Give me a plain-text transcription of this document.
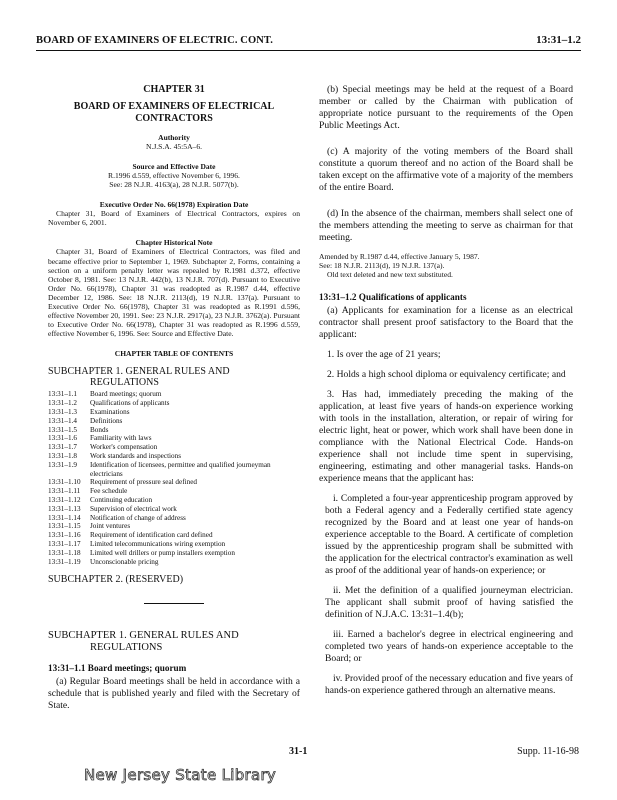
BOARD OF EXAMINERS OF ELECTRIC. CONT.	13:31–1.2
CHAPTER 31
BOARD OF EXAMINERS OF ELECTRICAL
CONTRACTORS
Authority
N.J.S.A. 45:5A–6.
Source and Effective Date
R.1996 d.559, effective November 6, 1996.
See: 28 N.J.R. 4163(a), 28 N.J.R. 5077(b).
Executive Order No. 66(1978) Expiration Date
Chapter 31, Board of Examiners of Electrical Contractors, expires on November 6, 2001.
Chapter Historical Note
Chapter 31, Board of Examiners of Electrical Contractors, was filed and became effective prior to September 1, 1969. Subchapter 2, Forms, containing a section on a uniform penalty letter was repealed by R.1981 d.372, effective October 8, 1981. See: 13 N.J.R. 442(b), 13 N.J.R. 707(d). Pursuant to Executive Order No. 66(1978), Chapter 31 was readopted as R.1987 d.44, effective December 12, 1986. See: 18 N.J.R. 2113(d), 19 N.J.R. 137(a). Pursuant to Executive Order No. 66(1978), Chapter 31 was readopted as R.1991 d.596, effective November 20, 1991. See: 23 N.J.R. 2917(a), 23 N.J.R. 3762(a). Pursuant to Executive Order No. 66(1978), Chapter 31 was readopted as R.1996 d.559, effective November 6, 1996. See: Source and Effective Date.
CHAPTER TABLE OF CONTENTS
SUBCHAPTER 1. GENERAL RULES AND
REGULATIONS
13:31–1.1	Board meetings; quorum
13:31–1.2	Qualifications of applicants
13:31–1.3	Examinations
13:31–1.4	Definitions
13:31–1.5	Bonds
13:31–1.6	Familiarity with laws
13:31–1.7	Worker's compensation
13:31–1.8	Work standards and inspections
13:31–1.9	Identification of licensees, permittee and qualified journeyman electricians
13:31–1.10	Requirement of pressure seal defined
13:31–1.11	Fee schedule
13:31–1.12	Continuing education
13:31–1.13	Supervision of electrical work
13:31–1.14	Notification of change of address
13:31–1.15	Joint ventures
13:31–1.16	Requirement of identification card defined
13:31–1.17	Limited telecommunications wiring exemption
13:31–1.18	Limited well drillers or pump installers exemption
13:31–1.19	Unconscionable pricing
SUBCHAPTER 2. (RESERVED)
SUBCHAPTER 1. GENERAL RULES AND
REGULATIONS
13:31–1.1 Board meetings; quorum
(a) Regular Board meetings shall be held in accordance with a schedule that is published yearly and filed with the Secretary of State.
(b) Special meetings may be held at the request of a Board member or called by the Chairman with publication of appropriate notice pursuant to the requirements of the Open Public Meetings Act.
(c) A majority of the voting members of the Board shall constitute a quorum thereof and no action of the Board shall be taken except on the affirmative vote of a majority of the members of the entire Board.
(d) In the absence of the chairman, members shall select one of the members attending the meeting to serve as chairman for that meeting.
Amended by R.1987 d.44, effective January 5, 1987.
See: 18 N.J.R. 2113(d), 19 N.J.R. 137(a).
Old text deleted and new text substituted.
13:31–1.2 Qualifications of applicants
(a) Applicants for examination for a license as an electrical contractor shall present proof satisfactory to the Board that the applicant:
1. Is over the age of 21 years;
2. Holds a high school diploma or equivalency certificate; and
3. Has had, immediately preceding the making of the application, at least five years of hands-on experience working with tools in the installation, alteration, or repair of wiring for electric light, heat or power, which work shall have been done in compliance with the National Electrical Code. Hands-on experience shall not include time spent in supervising, engineering, estimating and other managerial tasks. Hands-on experience means that the applicant has:
i. Completed a four-year apprenticeship program approved by both a Federal agency and a Federally certified state agency recognized by the Board and at least one year of hands-on experience acceptable to the Board. A certificate of completion issued by the apprenticeship program shall be submitted with the application for the electrical contractor's examination as well as proof of the additional year of hands-on experience; or
ii. Met the definition of a qualified journeyman electrician. The applicant shall submit proof of having satisfied the definition of N.J.A.C. 13:31–1.4(b);
iii. Earned a bachelor's degree in electrical engineering and completed two years of hands-on experience acceptable to the Board; or
iv. Provided proof of the necessary education and five years of hands-on experience gathered through an alternative means.
31-1	Supp. 11-16-98
New Jersey State Library
